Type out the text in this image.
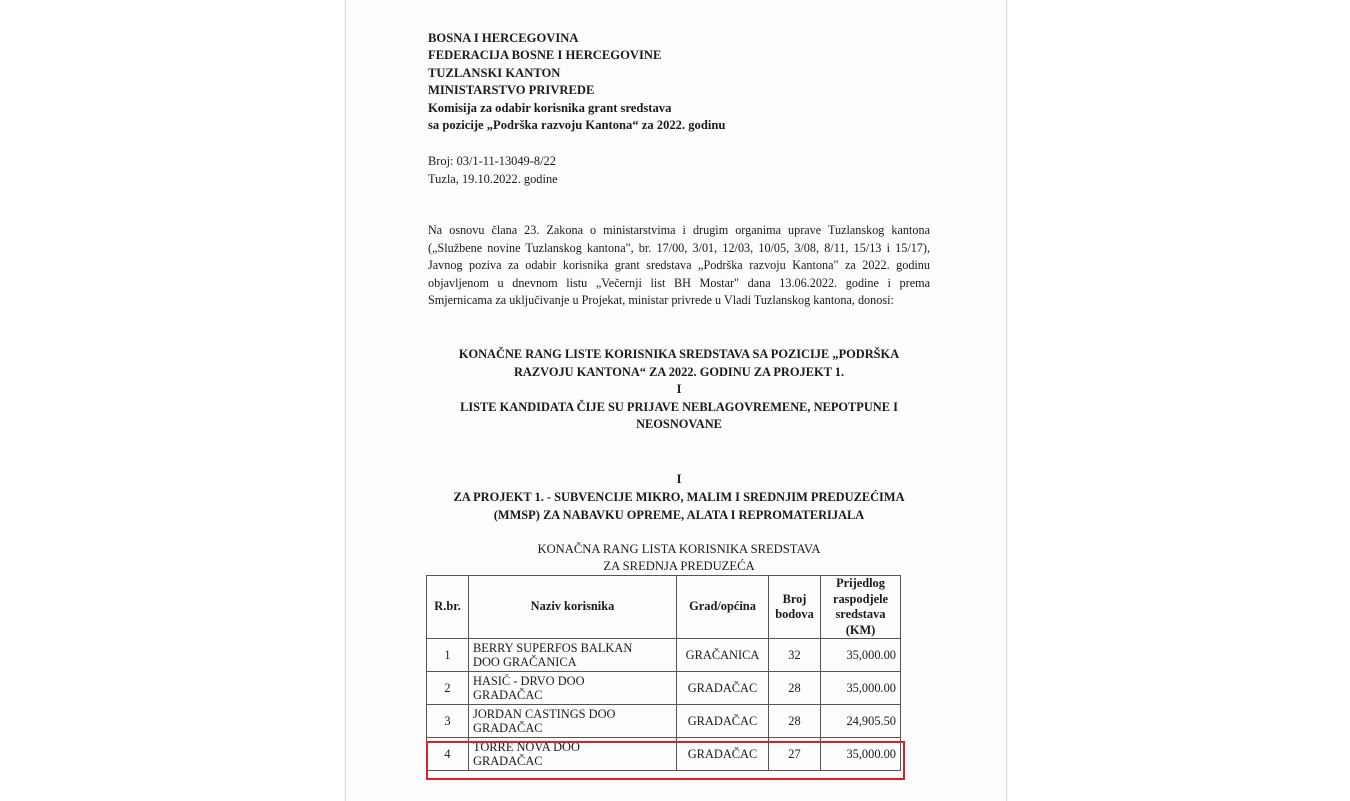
BOSNA I HERCEGOVINA
FEDERACIJA BOSNE I HERCEGOVINE
TUZLANSKI KANTON
MINISTARSTVO PRIVREDE
Komisija za odabir korisnika grant sredstava
sa pozicije „Podrška razvoju Kantona“ za 2022. godinu
Broj: 03/1-11-13049-8/22
Tuzla, 19.10.2022. godine
Na osnovu člana 23. Zakona o ministarstvima i drugim organima uprave Tuzlanskog kantona („Službene novine Tuzlanskog kantona", br. 17/00, 3/01, 12/03, 10/05, 3/08, 8/11, 15/13 i 15/17), Javnog poziva za odabir korisnika grant sredstava „Podrška razvoju Kantona" za 2022. godinu objavljenom u dnevnom listu „Večernji list BH Mostar" dana 13.06.2022. godine i prema Smjernicama za uključivanje u Projekat, ministar privrede u Vladi Tuzlanskog kantona, donosi:
KONAČNE RANG LISTE KORISNIKA SREDSTAVA SA POZICIJE „PODRŠKA
RAZVOJU KANTONA“ ZA 2022. GODINU ZA PROJEKT 1.
I
LISTE KANDIDATA ČIJE SU PRIJAVE NEBLAGOVREMENE, NEPOTPUNE I
NEOSNOVANE
I
ZA PROJEKT 1. - SUBVENCIJE MIKRO, MALIM I SREDNJIM PREDUZEĆIMA
(MMSP) ZA NABAVKU OPREME, ALATA I REPROMATERIJALA
KONAČNA RANG LISTA KORISNIKA SREDSTAVA
ZA SREDNJA PREDUZEĆA
R.br.	Naziv korisnika	Grad/općina	Broj bodova	Prijedlog raspodjele sredstava (KM)
1	BERRY SUPERFOS BALKAN
DOO GRAČANICA	GRAČANICA	32	35,000.00
2	HASIĆ - DRVO DOO
GRADAČAC	GRADAČAC	28	35,000.00
3	JORDAN CASTINGS DOO
GRADAČAC	GRADAČAC	28	24,905.50
4	TORRE NOVA DOO
GRADAČAC	GRADAČAC	27	35,000.00
